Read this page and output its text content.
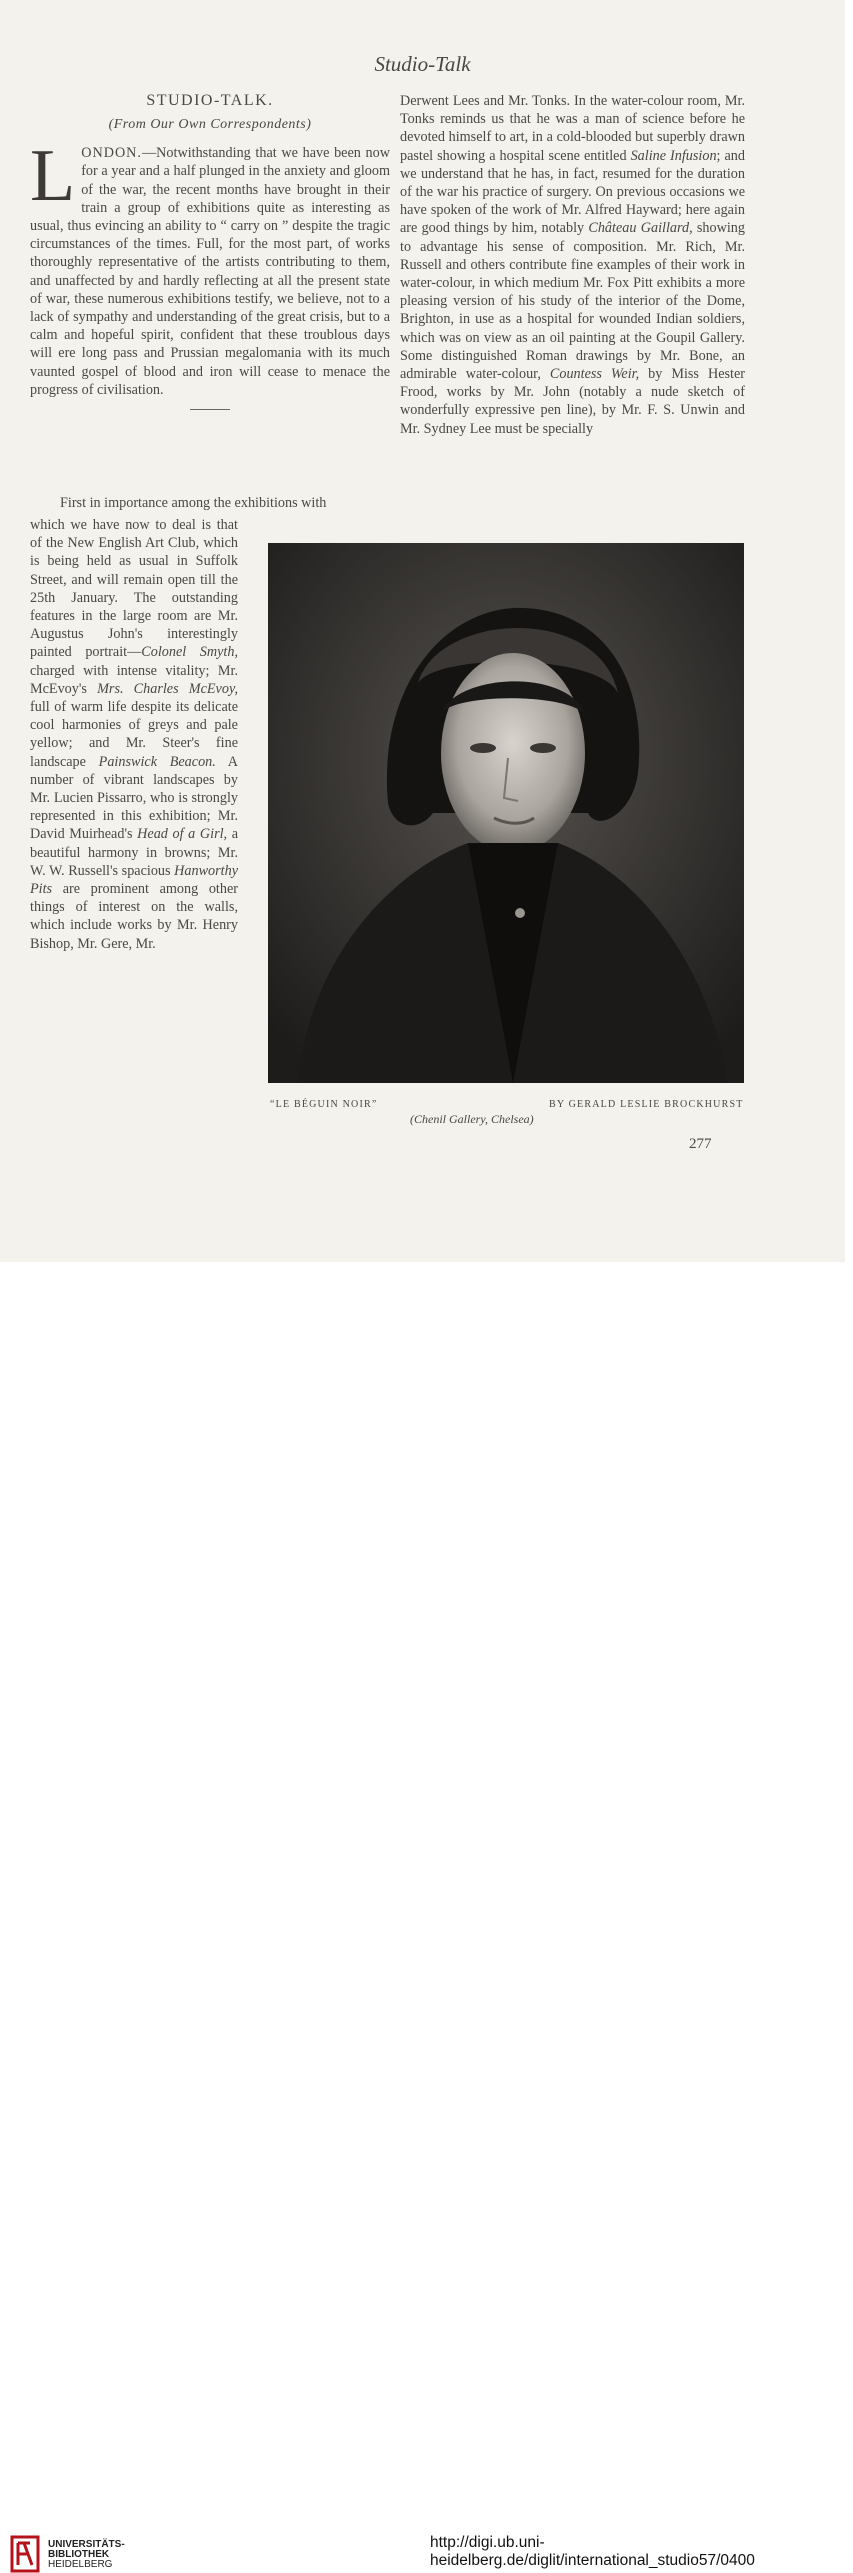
Studio-Talk
STUDIO-TALK.
(From Our Own Correspondents)

LONDON.—Notwithstanding that we have been now for a year and a half plunged in the anxiety and gloom of the war, the recent months have brought in their train a group of exhibitions quite as interesting as usual, thus evincing an ability to “ carry on ” despite the tragic circumstances of the times. Full, for the most part, of works thoroughly representative of the artists contributing to them, and unaffected by and hardly reflecting at all the present state of war, these numerous exhibitions testify, we believe, not to a lack of sympathy and understanding of the great crisis, but to a calm and hopeful spirit, confident that these troublous days will ere long pass and Prussian megalomania with its much vaunted gospel of blood and iron will cease to menace the progress of civilisation.

First in importance among the exhibitions with

which we have now to deal is that of the New English Art Club, which is being held as usual in Suffolk Street, and will remain open till the 25th January. The outstanding features in the large room are Mr. Augustus John's interestingly painted portrait—Colonel Smyth, charged with intense vitality; Mr. McEvoy's Mrs. Charles McEvoy, full of warm life despite its delicate cool harmonies of greys and pale yellow; and Mr. Steer's fine landscape Painswick Beacon. A number of vibrant landscapes by Mr. Lucien Pissarro, who is strongly represented in this exhibition; Mr. David Muirhead's Head of a Girl, a beautiful harmony in browns; Mr. W. W. Russell's spacious Hanworthy Pits are prominent among other things of interest on the walls, which include works by Mr. Henry Bishop, Mr. Gere, Mr.

Derwent Lees and Mr. Tonks. In the water-colour room, Mr. Tonks reminds us that he was a man of science before he devoted himself to art, in a cold-blooded but superbly drawn pastel showing a hospital scene entitled Saline Infusion; and we understand that he has, in fact, resumed for the duration of the war his practice of surgery. On previous occasions we have spoken of the work of Mr. Alfred Hayward; here again are good things by him, notably Château Gaillard, showing to advantage his sense of composition. Mr. Rich, Mr. Russell and others contribute fine examples of their work in water-colour, in which medium Mr. Fox Pitt exhibits a more pleasing version of his study of the interior of the Dome, Brighton, in use as a hospital for wounded Indian soldiers, which was on view as an oil painting at the Goupil Gallery. Some distinguished Roman drawings by Mr. Bone, an admirable water-colour, Countess Weir, by Miss Hester Frood, works by Mr. John (notably a nude sketch of wonderfully expressive pen line), by Mr. F. S. Unwin and Mr. Sydney Lee must be specially

“LE BÉGUIN NOIR”	BY GERALD LESLIE BROCKHURST
(Chenil Gallery, Chelsea)
277
UNIVERSITÄTS-
BIBLIOTHEK
HEIDELBERG
http://digi.ub.uni-heidelberg.de/diglit/international_studio57/0400
